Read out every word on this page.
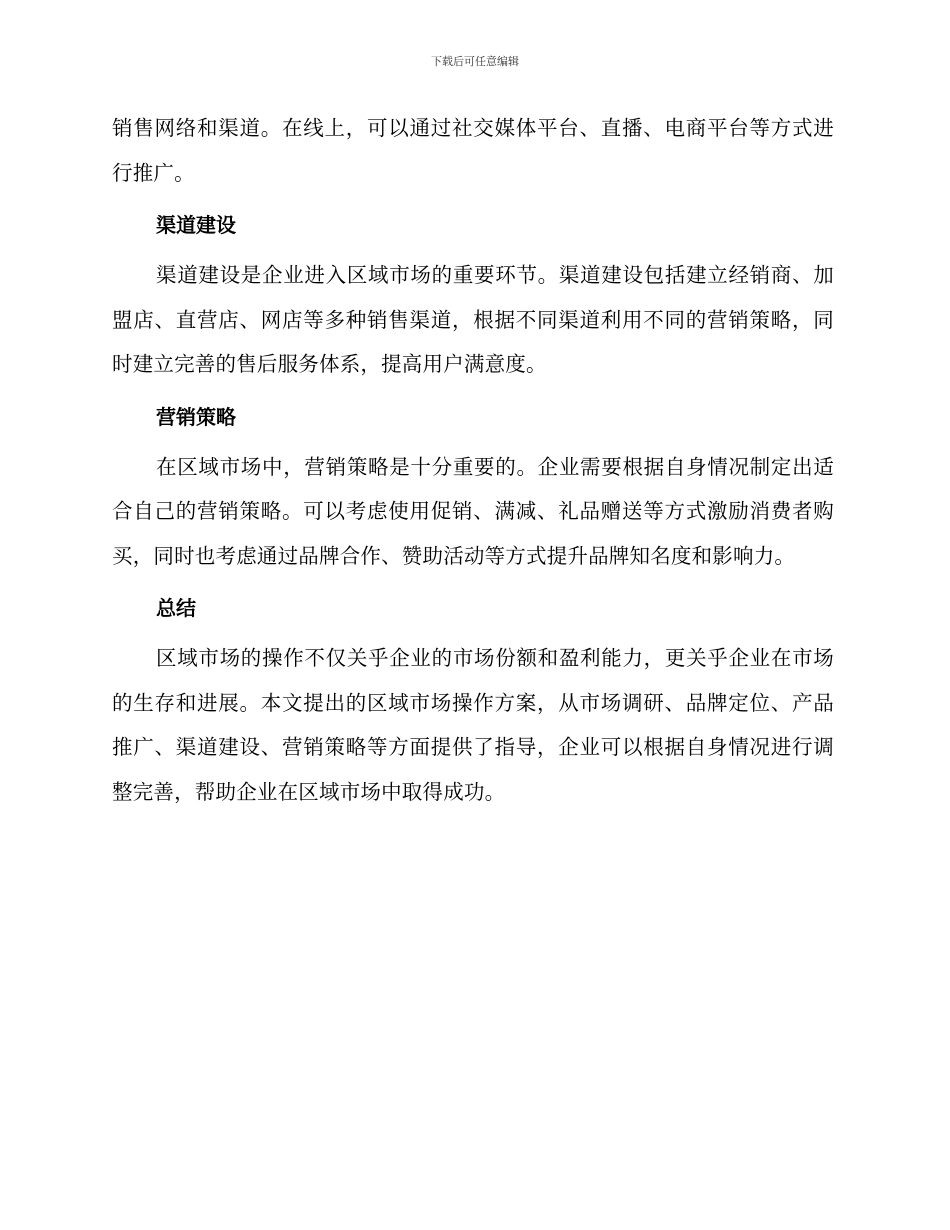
下载后可任意编辑

销售网络和渠道。在线上，可以通过社交媒体平台、直播、电商平台等方式进行推广。

渠道建设

渠道建设是企业进入区域市场的重要环节。渠道建设包括建立经销商、加盟店、直营店、网店等多种销售渠道，根据不同渠道利用不同的营销策略，同时建立完善的售后服务体系，提高用户满意度。

营销策略

在区域市场中，营销策略是十分重要的。企业需要根据自身情况制定出适合自己的营销策略。可以考虑使用促销、满减、礼品赠送等方式激励消费者购买，同时也考虑通过品牌合作、赞助活动等方式提升品牌知名度和影响力。

总结

区域市场的操作不仅关乎企业的市场份额和盈利能力，更关乎企业在市场的生存和进展。本文提出的区域市场操作方案，从市场调研、品牌定位、产品推广、渠道建设、营销策略等方面提供了指导，企业可以根据自身情况进行调整完善，帮助企业在区域市场中取得成功。
